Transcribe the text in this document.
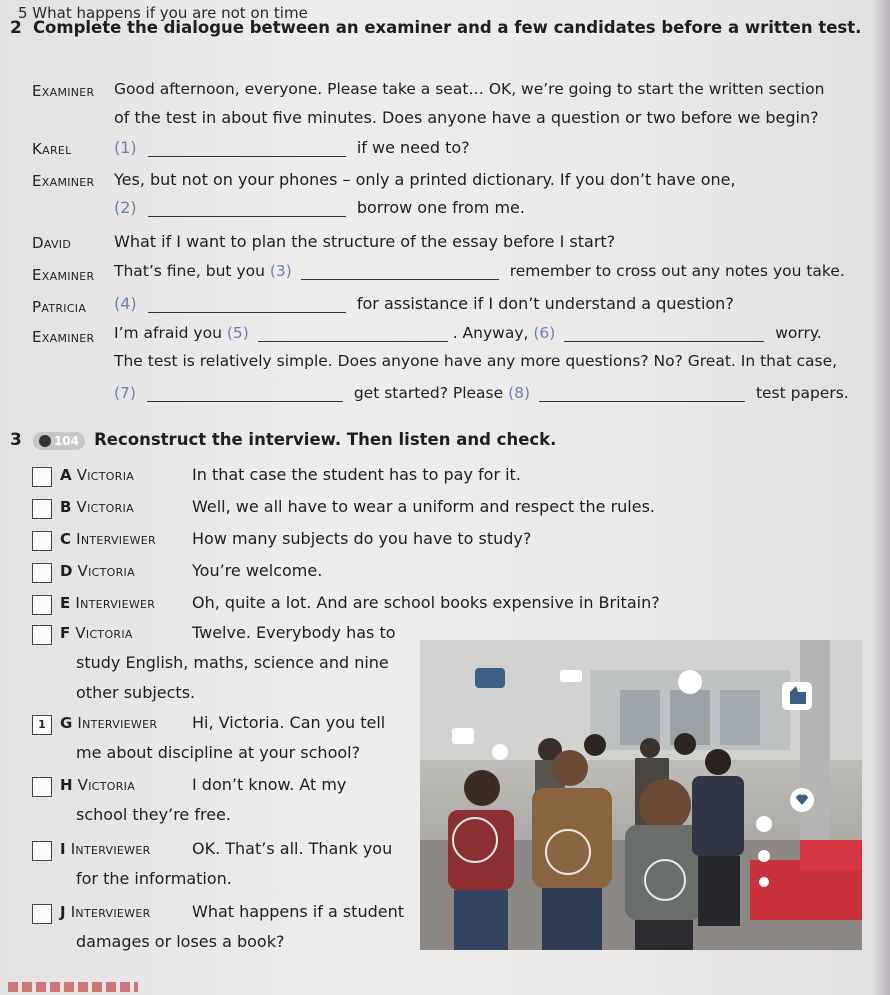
5 What happens if you are not on time
2 Complete the dialogue between an examiner and a few candidates before a written test.
Examiner Good afternoon, everyone. Please take a seat… OK, we’re going to start the written section
of the test in about five minutes. Does anyone have a question or two before we begin?
Karel	(1)	if we need to?
Examiner Yes, but not on your phones – only a printed dictionary. If you don’t have one,
(2)	borrow one from me.
David	What if I want to plan the structure of the essay before I start?
Examiner That’s fine, but you (3)	remember to cross out any notes you take.
Patricia (4)	for assistance if I don’t understand a question?
Examiner I’m afraid you (5)	. Anyway, (6)	worry.
The test is relatively simple. Does anyone have any more questions? No? Great. In that case,
(7)	get started? Please (8)	test papers.
3	104 Reconstruct the interview. Then listen and check.
A Victoria	In that case the student has to pay for it.
B Victoria	Well, we all have to wear a uniform and respect the rules.
C Interviewer How many subjects do you have to study?
D Victoria	You’re welcome.
E Interviewer Oh, quite a lot. And are school books expensive in Britain?
F Victoria	Twelve. Everybody has to
study English, maths, science and nine
other subjects.
1 G Interviewer Hi, Victoria. Can you tell
me about discipline at your school?
H Victoria	I don’t know. At my
school they’re free.
I Interviewer	OK. That’s all. Thank you
for the information.
J Interviewer	What happens if a student
damages or loses a book?
